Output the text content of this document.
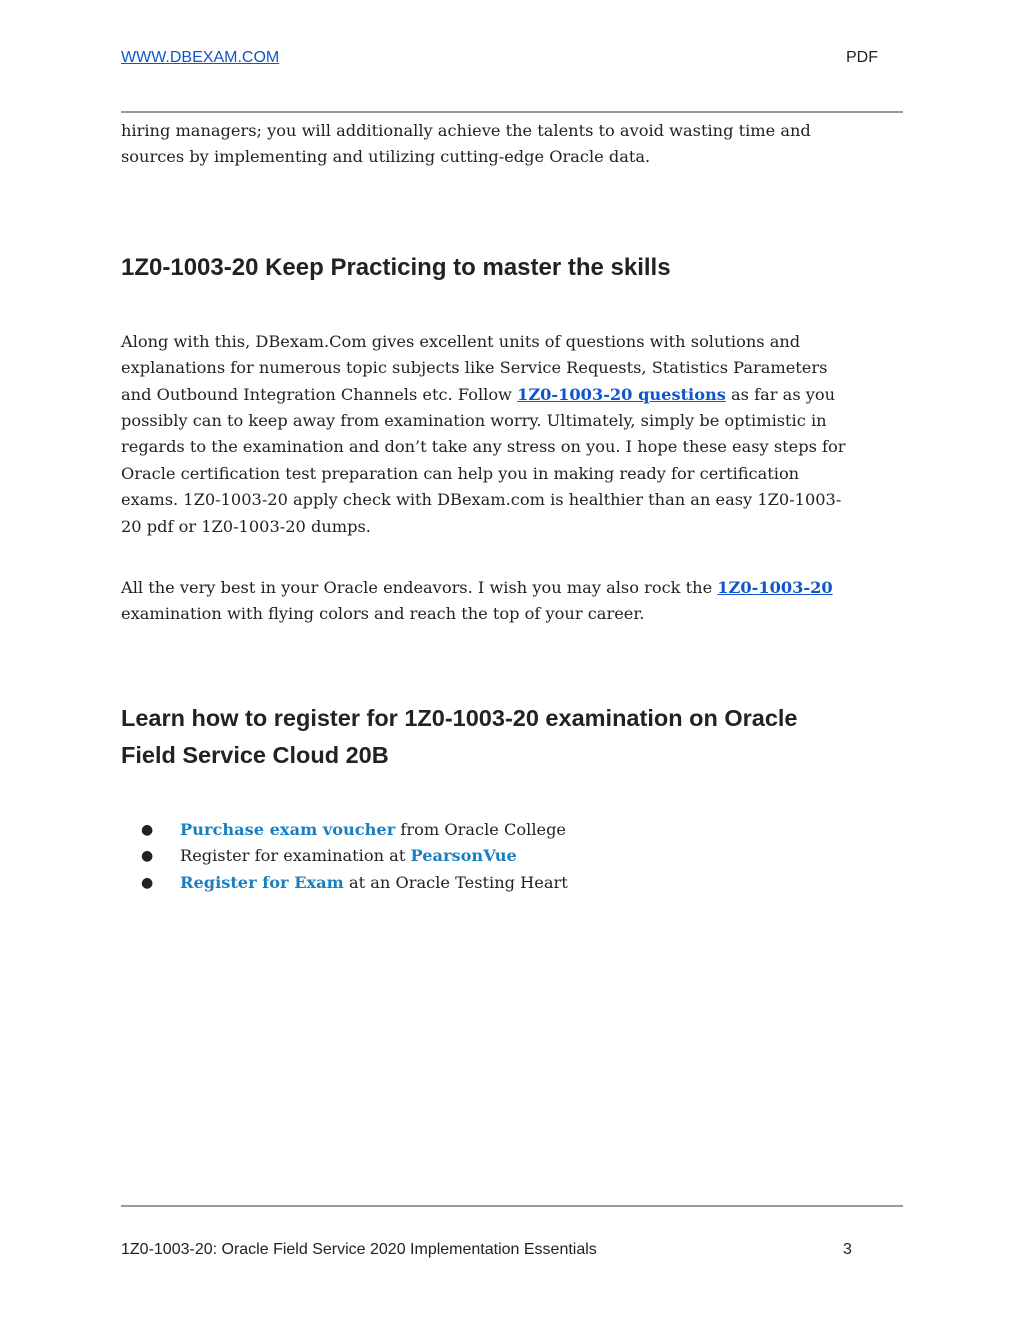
WWW.DBEXAM.COM	PDF

hiring managers; you will additionally achieve the talents to avoid wasting time and
sources by implementing and utilizing cutting-edge Oracle data.

1Z0-1003-20 Keep Practicing to master the skills

Along with this, DBexam.Com gives excellent units of questions with solutions and
explanations for numerous topic subjects like Service Requests, Statistics Parameters
and Outbound Integration Channels etc. Follow 1Z0-1003-20 questions as far as you
possibly can to keep away from examination worry. Ultimately, simply be optimistic in
regards to the examination and don’t take any stress on you. I hope these easy steps for
Oracle certification test preparation can help you in making ready for certification
exams. 1Z0-1003-20 apply check with DBexam.com is healthier than an easy 1Z0-1003-
20 pdf or 1Z0-1003-20 dumps.

All the very best in your Oracle endeavors. I wish you may also rock the 1Z0-1003-20
examination with flying colors and reach the top of your career.

Learn how to register for 1Z0-1003-20 examination on Oracle
Field Service Cloud 20B
● Purchase exam voucher from Oracle College
● Register for examination at PearsonVue
● Register for Exam at an Oracle Testing Heart
1Z0-1003-20: Oracle Field Service 2020 Implementation Essentials	3
